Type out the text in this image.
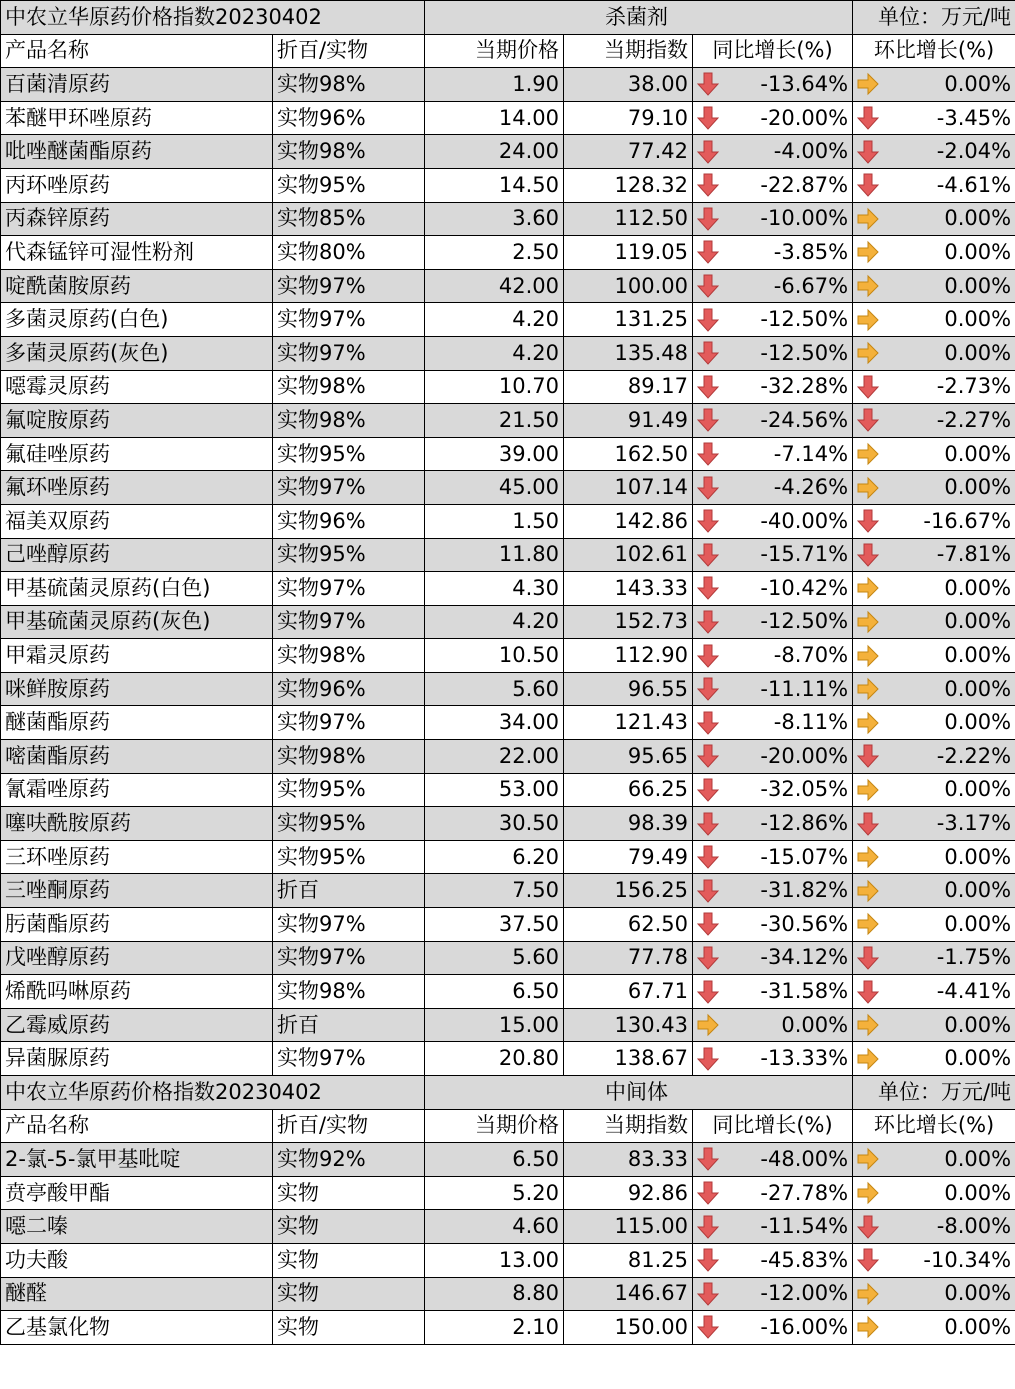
中农立华原药价格指数20230402		杀菌剂			单位：万元/吨
产品名称	折百/实物	当期价格	当期指数	同比增长(%)	环比增长(%)
百菌清原药	实物98%	1.90	38.00	-13.64%	0.00%
苯醚甲环唑原药	实物96%	14.00	79.10	-20.00%	-3.45%
吡唑醚菌酯原药	实物98%	24.00	77.42	-4.00%	-2.04%
丙环唑原药	实物95%	14.50	128.32	-22.87%	-4.61%
丙森锌原药	实物85%	3.60	112.50	-10.00%	0.00%
代森锰锌可湿性粉剂	实物80%	2.50	119.05	-3.85%	0.00%
啶酰菌胺原药	实物97%	42.00	100.00	-6.67%	0.00%
多菌灵原药(白色)	实物97%	4.20	131.25	-12.50%	0.00%
多菌灵原药(灰色)	实物97%	4.20	135.48	-12.50%	0.00%
噁霉灵原药	实物98%	10.70	89.17	-32.28%	-2.73%
氟啶胺原药	实物98%	21.50	91.49	-24.56%	-2.27%
氟硅唑原药	实物95%	39.00	162.50	-7.14%	0.00%
氟环唑原药	实物97%	45.00	107.14	-4.26%	0.00%
福美双原药	实物96%	1.50	142.86	-40.00%	-16.67%
己唑醇原药	实物95%	11.80	102.61	-15.71%	-7.81%
甲基硫菌灵原药(白色)	实物97%	4.30	143.33	-10.42%	0.00%
甲基硫菌灵原药(灰色)	实物97%	4.20	152.73	-12.50%	0.00%
甲霜灵原药	实物98%	10.50	112.90	-8.70%	0.00%
咪鲜胺原药	实物96%	5.60	96.55	-11.11%	0.00%
醚菌酯原药	实物97%	34.00	121.43	-8.11%	0.00%
嘧菌酯原药	实物98%	22.00	95.65	-20.00%	-2.22%
氰霜唑原药	实物95%	53.00	66.25	-32.05%	0.00%
噻呋酰胺原药	实物95%	30.50	98.39	-12.86%	-3.17%
三环唑原药	实物95%	6.20	79.49	-15.07%	0.00%
三唑酮原药	折百	7.50	156.25	-31.82%	0.00%
肟菌酯原药	实物97%	37.50	62.50	-30.56%	0.00%
戊唑醇原药	实物97%	5.60	77.78	-34.12%	-1.75%
烯酰吗啉原药	实物98%	6.50	67.71	-31.58%	-4.41%
乙霉威原药	折百	15.00	130.43	0.00%	0.00%
异菌脲原药	实物97%	20.80	138.67	-13.33%	0.00%
中农立华原药价格指数20230402		中间体			单位：万元/吨
产品名称	折百/实物	当期价格	当期指数	同比增长(%)	环比增长(%)
2-氯-5-氯甲基吡啶	实物92%	6.50	83.33	-48.00%	0.00%
贲亭酸甲酯	实物	5.20	92.86	-27.78%	0.00%
噁二嗪	实物	4.60	115.00	-11.54%	-8.00%
功夫酸	实物	13.00	81.25	-45.83%	-10.34%
醚醛	实物	8.80	146.67	-12.00%	0.00%
乙基氯化物	实物	2.10	150.00	-16.00%	0.00%
